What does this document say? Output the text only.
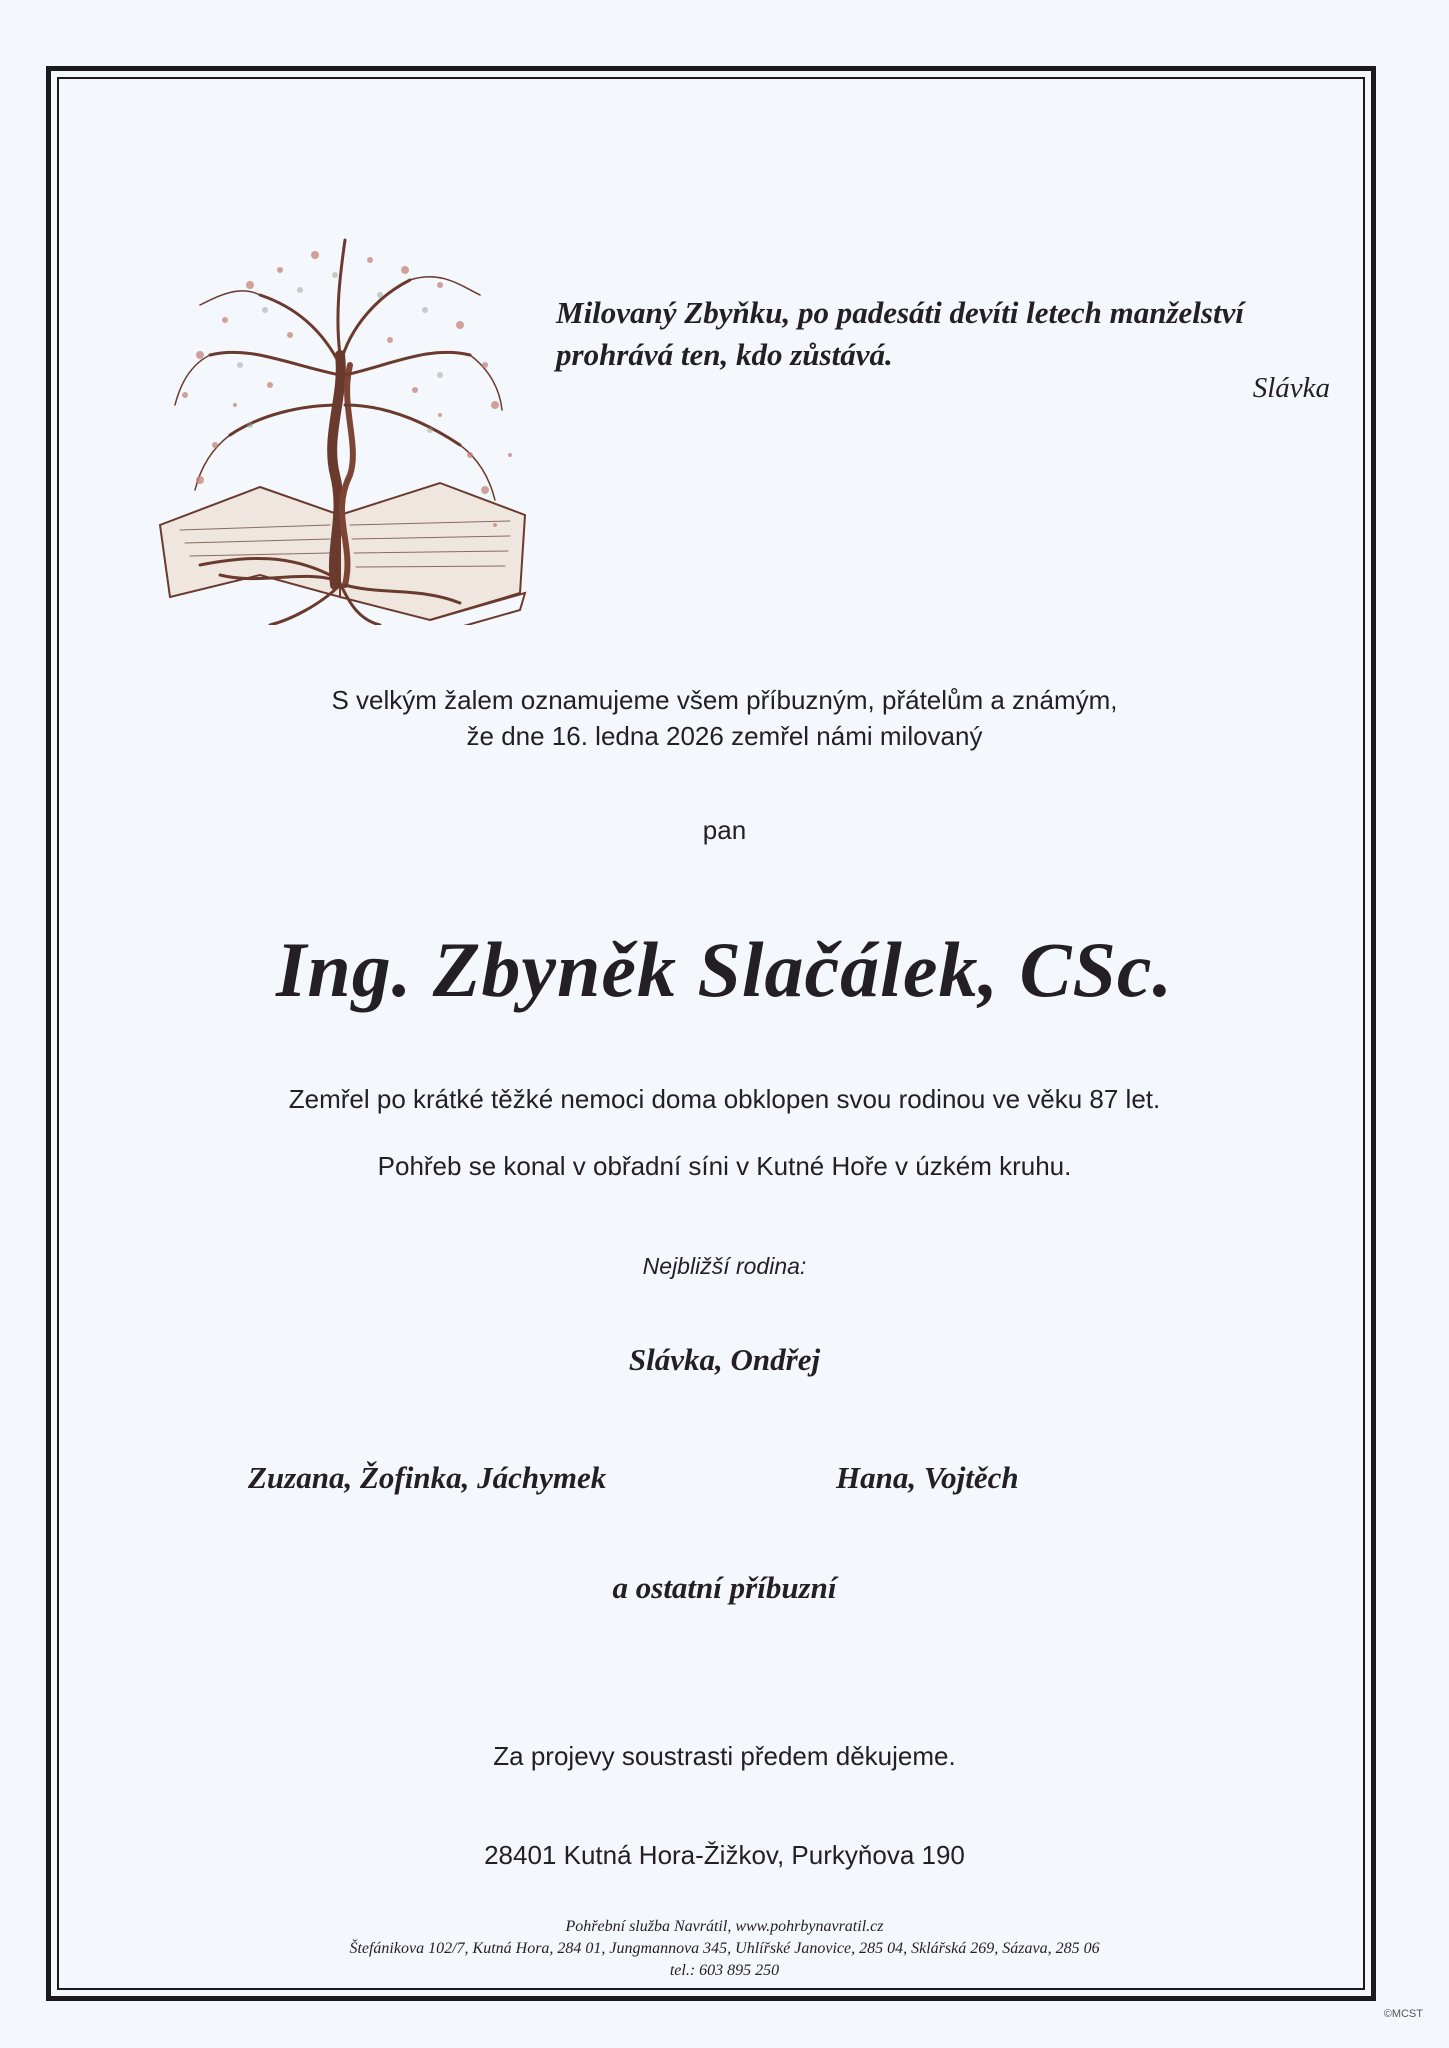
Milovaný Zbyňku, po padesáti devíti letech manželství
prohrává ten, kdo zůstává.
Slávka
S velkým žalem oznamujeme všem příbuzným, přátelům a známým,
že dne 16. ledna 2026 zemřel námi milovaný
pan
Ing. Zbyněk Slačálek, CSc.
Zemřel po krátké těžké nemoci doma obklopen svou rodinou ve věku 87 let.
Pohřeb se konal v obřadní síni v Kutné Hoře v úzkém kruhu.
Nejbližší rodina:
Slávka, Ondřej
Zuzana, Žofinka, Jáchymek	Hana, Vojtěch
a ostatní příbuzní
Za projevy soustrasti předem děkujeme.
28401 Kutná Hora-Žižkov, Purkyňova 190
Pohřební služba Navrátil, www.pohrbynavratil.cz
Štefánikova 102/7, Kutná Hora, 284 01, Jungmannova 345, Uhlířské Janovice, 285 04, Sklářská 269, Sázava, 285 06
tel.: 603 895 250
©MCST
